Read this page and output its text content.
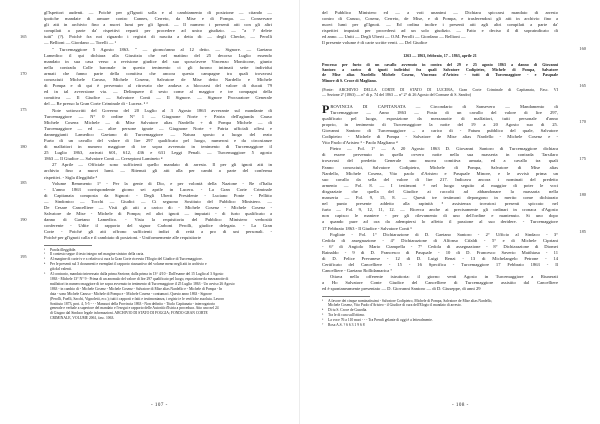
gl'Ispettori audenti. — Poichè per gl'Ignoti solla e al cambiamento di posizione — citando —
ipotiche mandate di armare contro Cannes, Cerreto, da Mise e di Pompa. — Conservare
gli atti in archivio fino a nuovi lumi per gli Ignoti. — Il numero i presenti atti con gli altri
compilati a parte da' rispettivi reparti per procedere ad unico giudizio. — "a ? delete
tutti" (?). Poichè fra noi riguardo i registri di nascita a detta di: — degli Checke, — Perolli
— Bellioni — Giordano — Torelli — ¹
" Turcemaggiore 5 Agosto 1863. " — giorno/anno al 12 detto. — Signore. — Gaetano
Lamedico il qui dichiara alla Giustizia che nel mattino del 25 decorso Luglio essendo
mandato in sua casa verso a revisione giudice del suo sposo/avere Vincenzo Monticone, giunto
nella contrada Colle baronale in questo tenimento ci gli furono intimati sette individui
armati che fanno parte della comitiva che ancora questo campagne tra quali trovavasi
conosciuti Michele Caruso, Michele Cosenz, Salvatore de Mise detto Nardello e Michele
di Pompa e di qui è pervenuto al ritrovato che andava a bloccarsi del valore di ducati 79
ed in tal avversione via. — Delinquere il sesto come al maggior e tre compagni della
comitiva — Il Giudice — Salvatore Conti — Il Signore. — Signore Procuratore Generale
del — Re presso la Gran Corte Criminale di - Lucera. ² ³
Note sottoscritti del Governo del 20 Luglio al 3 Agosto 1863 avverante sul mandante di
Turcemaggiore — N° 0 ordine N° 1 — Giugnone Norte + Patria dell'agiunda Causo
Michele Cosenz Michele — di Mise Salvatore alias Nardello + di Pompa Michele — di
Turcemaggiore — ed — altre persone ignote — Giugnone Norte + Patria ufficiali offesi e
danneggianti Lamedico Gaetano di Turcemaggiore — Natura sposto a luogo del reato
Furto di un cavallo del valore di lire 297 qualificato pel luogo, numerosi e da circostanze
di malfattori in numero maggiore di tre sopra avvenuto in tenimento di Turcemaggiore il
25 Luglio 1863, arrivati 601, 612, 436 e 631 Leggi Penali. — Turcemaggiore 5 agosto
1863 — Il Giudice — Salvatore Conti — Cresepioni Lamineto ⁴
27 Aprile — Officiale sono sufficienti quello mandato di arresto. Il per gli ignoti atti in
archivio fino a nuovi lumi. — Ritenuti gli atti alla per cambi a parte del conferma
rispettivi. - Sigla illeggibile ⁵
Volume Remmento 1° - Per la gente di Dio, e per volontà della Nazione - Re d'Italia
- L'anno 1863 corrispondente giorno sei aprile in Lucera. - La Gran Corte Criminale
di Capitanata composta da Signori: - Degli Uberti Presidente - Luciano Ponte - Pellitto
— Sindonico — Tocchi — Giudici — Ci seguono Sostituto del Pubblico Ministero. —
De Cesare Cancelliere — Visti gli atti a carico di: - Michele Cosenz - Michele Cosenz -
Salvatore de Mise - Michele di Pompa; ed altri ignoti — imputati - di furto qualificato a
danno di Gaetano Lamedico. - Vista la requisitoria del Pubblico Ministero verbosità
conferente - Udite il rapporto del signor Carboni Perolli, giudice delegato. - La Gran
Corte - Poiché gli atti offrono sufficienti indizi di reità a pro di uni personali. -
Poiché per gl'ignoti calla e il cambiato di posizioni. - Uniformemente alle requisitorie
¹ Parola illeggibile.
² Il contesto segue il testo integro nel margine sinistro della carta.
³ Al margine di carte iv e x relativa si cura la Gran Corte ricevuto l'Elogio del Giudice di Turcemaggiore.
⁴ Per le presenti sul 3 documenti e esemplari il rapporto riassuntivo del volume meno negli atti in archivio e
già dal valenti.
⁵ Al contrario, mandato interessato dalla prima Sezione, dalla prima in 13^ 4/10 - Dall'esame del 15 Luglio al 3 Agosto
1863 - Michele 13° N° 9 - Prima di un anomalo del valore di lire 297 qualificato pel luogo, esposizione da mezzanotte di
malfattori in numero maggiore di tre sopra avvenuto in tenimento di Turcemaggiore il 25 Luglio 1863 - Un avviso 26 Agosto
1863 - in cambio di - Michele Cosenz - Michele Cosenz - Salvatore di Mise alias Nardello e - Michele di Pompa - In
data - sono Michele Caruso - Michele di Pompa e - Michele Cosenz - contumaci. Questo anno 1863 - Signore
(Perolli, Fuelli, Sacchi, Vignoletti, ecc.); tutti i rapporti e fatti e testimonianza, i registri e le verifiche assoluta. Lavoro
Sostituto 1873, prot. 4, 5-5 - - - Mansuoi della Provincia 1863 - Non definito - Titolo Capitanata - interrogatorio
generale e verbale a superiore del mandato e l'esegui e rapporto delle Autorità d'Istria a procedura. Atto uno nel 24
di Giugno dal Sindaco legale informazioni. ARCHIVIO DI STATO DI FOGGIA; FONDO GRAN CORTE
CRIMINALE, VOLUME 2061, fasc. 1063.
165
170
175
180
185
190
195
- 107 -
del Pubblico Ministero ed — a voti unanimi — Dichiara spiccarsi mandato di arresto
contro di Caruso, Cosenz, Cerreto, de Mise, e di Pompa, e trasferendosi gli atti in archivio fino a
nuovi lumi per gl'Ignoti. — Ed ordina inoltre i presenti atti agli altri compilati a parte da'
rispettivi imputati per procedersi ad un solo giudizio. — Fatto e deciso il dì sopraindicato di
ed anno. — Uniti — Degli Uberti — O.M. Perolli — Giordano — Bellioni —
Il presente volume è di carte scritte venti. — Del Giudice
1263 — 1863, febbraio, 17 – 1863, aprile 21
Processo per furto di un cavallo avvenuto in contra del 29 e 25 agosto 1863 a danno di Giovanni
Santoro a carico di ignoti individui fra quali Salvatore Codipietro, Michele di Pompa, Salvatore
de Mise alias Nardello Michele Cosenz, Vincenzo d'Aristeo - tutti di Turcemaggiore - e Pasquale
Minore di S. Croce di Magliano.
(Fonte: ARCHIVIO DELLA CORTE DI STATO DI LUCERA, Gran Corte Criminale di Capitanata, Fasc. VI
— Sezione 2ª (1863) — n° di p. 74 del 1863 — n° 2° di 26 Agosto del Comune di S. Sandro)
P ROVINCIA DI CAPITANATA — Circondario di Sansevero — Mandamento di
Turcemaggiore — Anno 1863 — Posto di un cavallo del valore di lire 297,
qualificato pel luogo, esposizione da mezzanotte di malfattori, tutti personale d'anno
proprio, in tenimento di Turcemaggiore la notte del 19 a 20 Agosto suo di 25.
Giovanni Santoro di Turcemaggiore – a carico di - Fatum pubblico del quale, Salvatore
Codipietro - Michele di Pompa - Salvatore de Mise alias Nardello - Michele Cosenz e -
Vito Paolo d'Aristeo ³ - Paolo Magliano ⁴
Pietro — Fol. 1° — A 20 Agosto 1863 D. Giovanni Santoro di Turcemaggiore dichiara
di essere pervenuto in quella ovvero notte nella sua masseria in contrada Tarsilaro
trovavasi del predetto Generale uno nuova comitiva armata, ed a cavallo tra quali
Fanno conosciuti, Salvatore Codipietro, Michele di Pompa, Salvatore di Mise alias
Nardello, Michele Cosenz, Vito paolo d'Aristeo e Pasquale Minore, e le avvisò prima un
suo cavallo da sella del valore di lire 217. Indicava ancora i nominati del predetto
armento — Fol. 8. — I testimoni ³ nel luogo seguito al maggior di poter le voci
disgraziate che quella del Giudice ai raccolti ad abbandonare la massaria nella
masseria — Fol. 9, 15, 8. — Questi tre testimoni depongono in merito come dichiarato
nel punto presente addetto alla rapinità ⁵ assistenza trovatosi presenti spiccato nel
furto — Fol. 9, 12, 11, 12. — Ricerca anche ai precisamente gli ordinari in cronaca d'Agosto
non capisco le maniere - per gli rilevamento di uno dell'ordine e mantenuto. Si uno dopo
a quando pure ad ora da adempiersi lo affetto il passione al suo deridere. - Turcemaggiore
17 Febbraio 1863 - Il Giudice - Salvatore Conti ⁶
Fogliate - Fol. 1° Dichiarazione di D. Gaetano Santoro - 2° Ufficio al Sindaco - 3°
Cedola di assegnazione - 4° Dichiarazione di Alfonso Cifaldi - 5° e di Michele Cipriani
- 6° di Angiolo Mario Ciampella - 7° Cedola di assegnazione - 8° Dichiarazione di Diomei
Rainaldo - 9 di D. Francesco di Pasquale - 10 di D. Francesco Saverio Matthiasa - 11
di D. Felice Prevanese - 12 di D. Luigi Renzi - 13 di Michelangelo Petrone - 14
Certificato del Cancelliere - 15 - 16 Specifica - Turcemaggiore 17 Febbraio 1863 - Il
Cancelliere - Gaetano Rollidamarica ⁷
Ottava nella offerente istruttoria: il giorno venti Agosto in Turcemaggiore a Riunerati
a Ho Salvatore Conte Giudice del Cancelliere di Turcemaggiore assistito dal Cancelliere
ed è spontaneamente presentato — D. Giovanni Santoro — di D. Giuseppe, di anni 29
³ A favore dei cinque nominatissimi - Salvatore Codipietro, Michele di Pompa, Salvatore de Mise alias Nardello,
Michele Cosenz, Vito Paolo d'Aristeo - il Giudice di cura dell'Elogio il mandato di arresto.
⁴ Di tu S. Croce de Guardia.
⁵ Tra le di cura sull'ottimo.
⁶ La voce 76 a 110 mari - - - Tra Prendi gelante di oggi è a letteralmente.
⁷ Rosa A.S. ? 6 6 3 1 9 6 8
160
165
170
175
180
185
- 108 -
